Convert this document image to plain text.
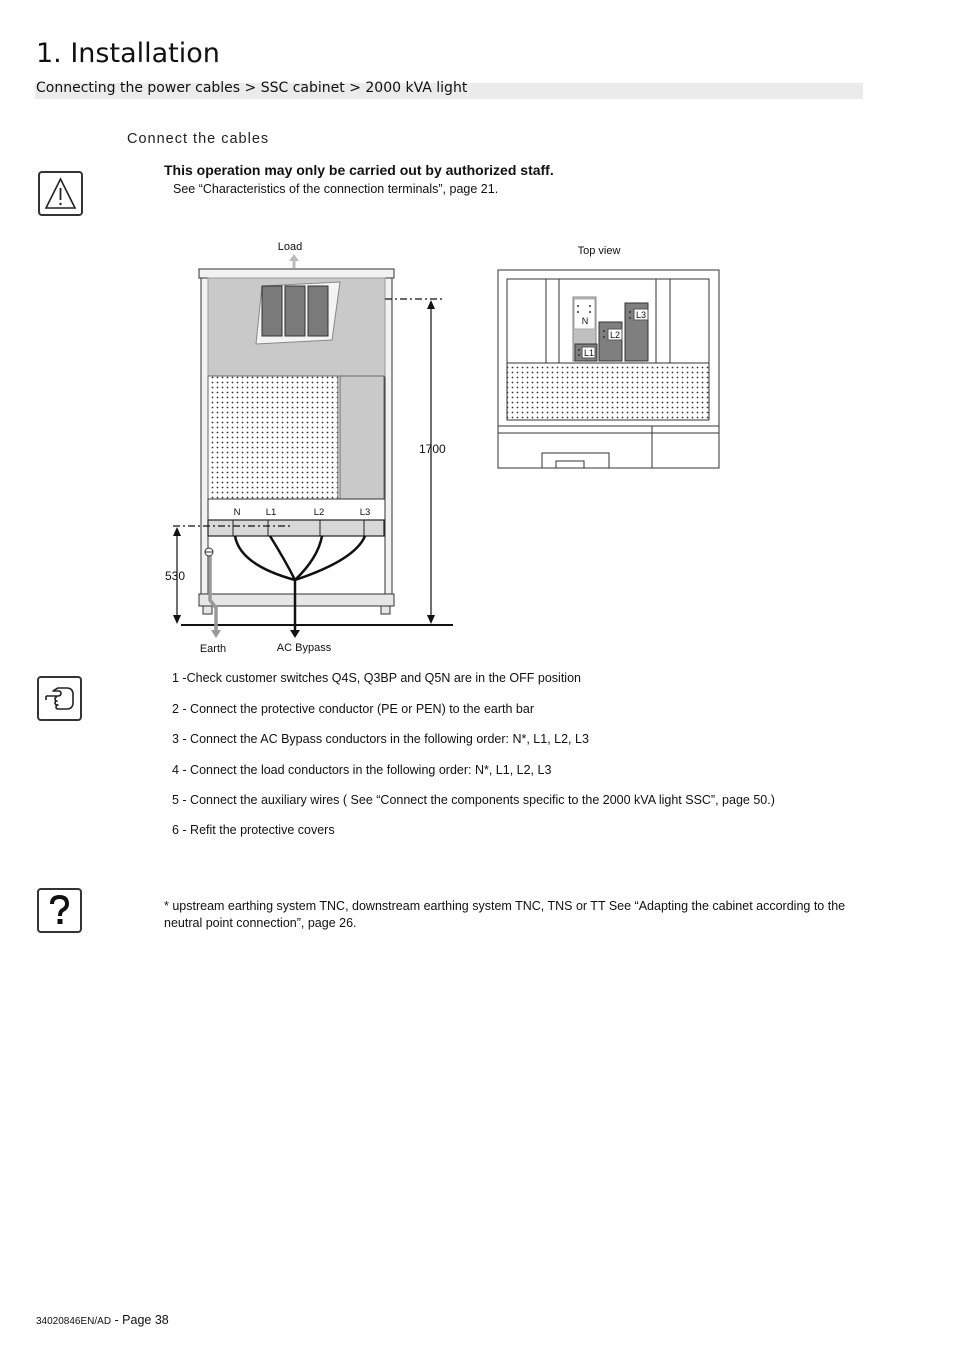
1. Installation
Connecting the power cables > SSC cabinet > 2000 kVA light
Connect the cables
This operation may only be carried out by authorized staff.
See “Characteristics of the connection terminals”, page 21.
Load
N	L1	L2	L3
1700
530
Earth	AC Bypass
Top view
N
L1
L2
L3
1 -Check customer switches Q4S, Q3BP and Q5N are in the OFF position
2 - Connect the protective conductor (PE or PEN) to the earth bar
3 - Connect the AC Bypass conductors in the following order: N*, L1, L2, L3
4 - Connect the load conductors in the following order: N*, L1, L2, L3
5 - Connect the auxiliary wires ( See “Connect the components specific to the 2000 kVA light SSC”, page 50.)
6 - Refit the protective covers
* upstream earthing system TNC, downstream earthing system TNC, TNS or TT See “Adapting the cabinet according to the neutral point connection”, page 26.
34020846EN/AD - Page 38
